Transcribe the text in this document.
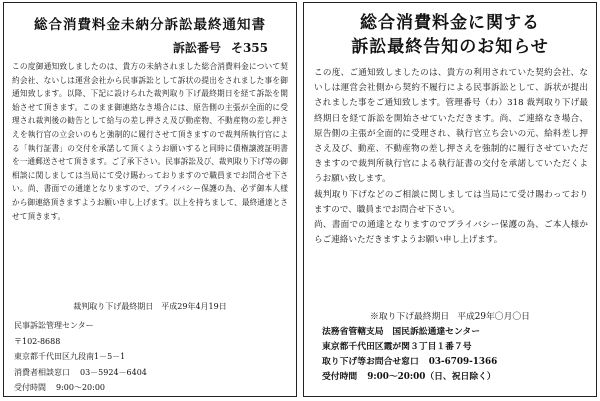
総合消費料金未納分訴訟最終通知書
訴訟番号 そ355
この度御通知致しましたのは、貴方の未納されました総合消費料金について契約会社、ないしは運営会社から民事訴訟として訴状の提出をされました事を御通知致します。以降、下記に設けられた裁判取り下げ最終期日を経て訴訟を開始させて頂きます。このまま御連絡なき場合には、原告側の主張が全面的に受理され裁判後の勧告として給与の差し押さえ及び動産物、不動産物の差し押さえを執行官の立会いのもと強制的に履行させて頂きますので裁判所執行官による「執行証書」の交付を承諾して頂くようお願いすると同時に債権譲渡証明書を一通郵送させて頂きます。ご了承下さい。民事訴訟及び、裁判取り下げ等の御相談に関しましては当局にて受け賜わっておりますので職員までお問合せ下さい。尚、書面での通達となりますので、プライバシー保護の為、必ず御本人様から御連絡頂きますようお願い申し上げます。以上を持ちまして、最終通達とさせて頂きます。
裁判取り下げ最終期日 平成29年4月19日
民事訴訟管理センター
〒102-8688
東京都千代田区九段南1－5－1
消費者相談窓口 03－5924－6404
受付時間 9:00～20:00
総合消費料金に関する
訴訟最終告知のお知らせ
この度、ご通知致しましたのは、貴方の利用されていた契約会社、ないしは運営会社側から契約不履行による民事訴訟として、訴状が提出されました事をご通知致します。管理番号（わ）318 裁判取り下げ最終期日を経て訴訟を開始させていただきます。尚、ご連絡なき場合、原告側の主張が全面的に受理され、執行官立ち会いの元、給料差し押さえ及び、動産、不動産物の差し押さえを強制的に履行させていただきますので裁判所執行官による執行証書の交付を承諾していただくようお願い致します。
裁判取り下げなどのご相談に関しましては当局にて受け賜わっておりますので、職員までお問合せ下さい。
尚、書面での通達となりますのでプライバシー保護の為、ご本人様からご連絡いただきますようお願い申し上げます。
※取り下げ最終期日 平成29年〇月〇日
法務省管轄支局　国民訴訟通達センター
東京都千代田区霞が関３丁目１番７号
取り下げ等お問合せ窓口 03-6709-1366
受付時間 9:00～20:00（日、祝日除く）
